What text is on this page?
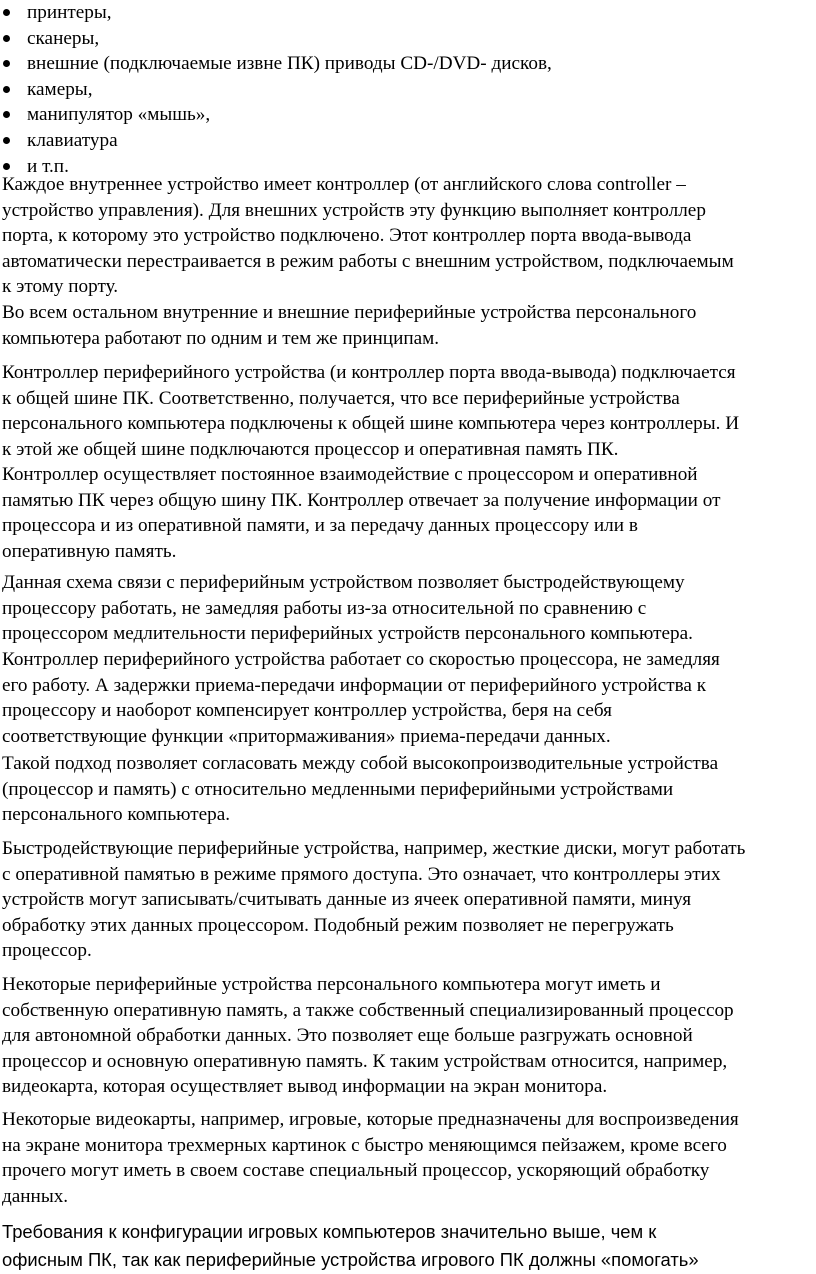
принтеры,
сканеры,
внешние (подключаемые извне ПК) приводы CD-/DVD- дисков,
камеры,
манипулятор «мышь»,
клавиатура
и т.п.

Каждое внутреннее устройство имеет контроллер (от английского слова controller –
устройство управления). Для внешних устройств эту функцию выполняет контроллер
порта, к которому это устройство подключено. Этот контроллер порта ввода-вывода
автоматически перестраивается в режим работы с внешним устройством, подключаемым
к этому порту.

Во всем остальном внутренние и внешние периферийные устройства персонального
компьютера работают по одним и тем же принципам.

Контроллер периферийного устройства (и контроллер порта ввода-вывода) подключается
к общей шине ПК. Соответственно, получается, что все периферийные устройства
персонального компьютера подключены к общей шине компьютера через контроллеры. И
к этой же общей шине подключаются процессор и оперативная память ПК.

Контроллер осуществляет постоянное взаимодействие с процессором и оперативной
памятью ПК через общую шину ПК. Контроллер отвечает за получение информации от
процессора и из оперативной памяти, и за передачу данных процессору или в
оперативную память.

Данная схема связи с периферийным устройством позволяет быстродействующему
процессору работать, не замедляя работы из-за относительной по сравнению с
процессором медлительности периферийных устройств персонального компьютера.

Контроллер периферийного устройства работает со скоростью процессора, не замедляя
его работу. А задержки приема-передачи информации от периферийного устройства к
процессору и наоборот компенсирует контроллер устройства, беря на себя
соответствующие функции «притормаживания» приема-передачи данных.

Такой подход позволяет согласовать между собой высокопроизводительные устройства
(процессор и память) с относительно медленными периферийными устройствами
персонального компьютера.

Быстродействующие периферийные устройства, например, жесткие диски, могут работать
с оперативной памятью в режиме прямого доступа. Это означает, что контроллеры этих
устройств могут записывать/считывать данные из ячеек оперативной памяти, минуя
обработку этих данных процессором. Подобный режим позволяет не перегружать
процессор.

Некоторые периферийные устройства персонального компьютера могут иметь и
собственную оперативную память, а также собственный специализированный процессор
для автономной обработки данных. Это позволяет еще больше разгружать основной
процессор и основную оперативную память. К таким устройствам относится, например,
видеокарта, которая осуществляет вывод информации на экран монитора.

Некоторые видеокарты, например, игровые, которые предназначены для воспроизведения
на экране монитора трехмерных картинок с быстро меняющимся пейзажем, кроме всего
прочего могут иметь в своем составе специальный процессор, ускоряющий обработку
данных.

Требования к конфигурации игровых компьютеров значительно выше, чем к
офисным ПК, так как периферийные устройства игрового ПК должны «помогать»
